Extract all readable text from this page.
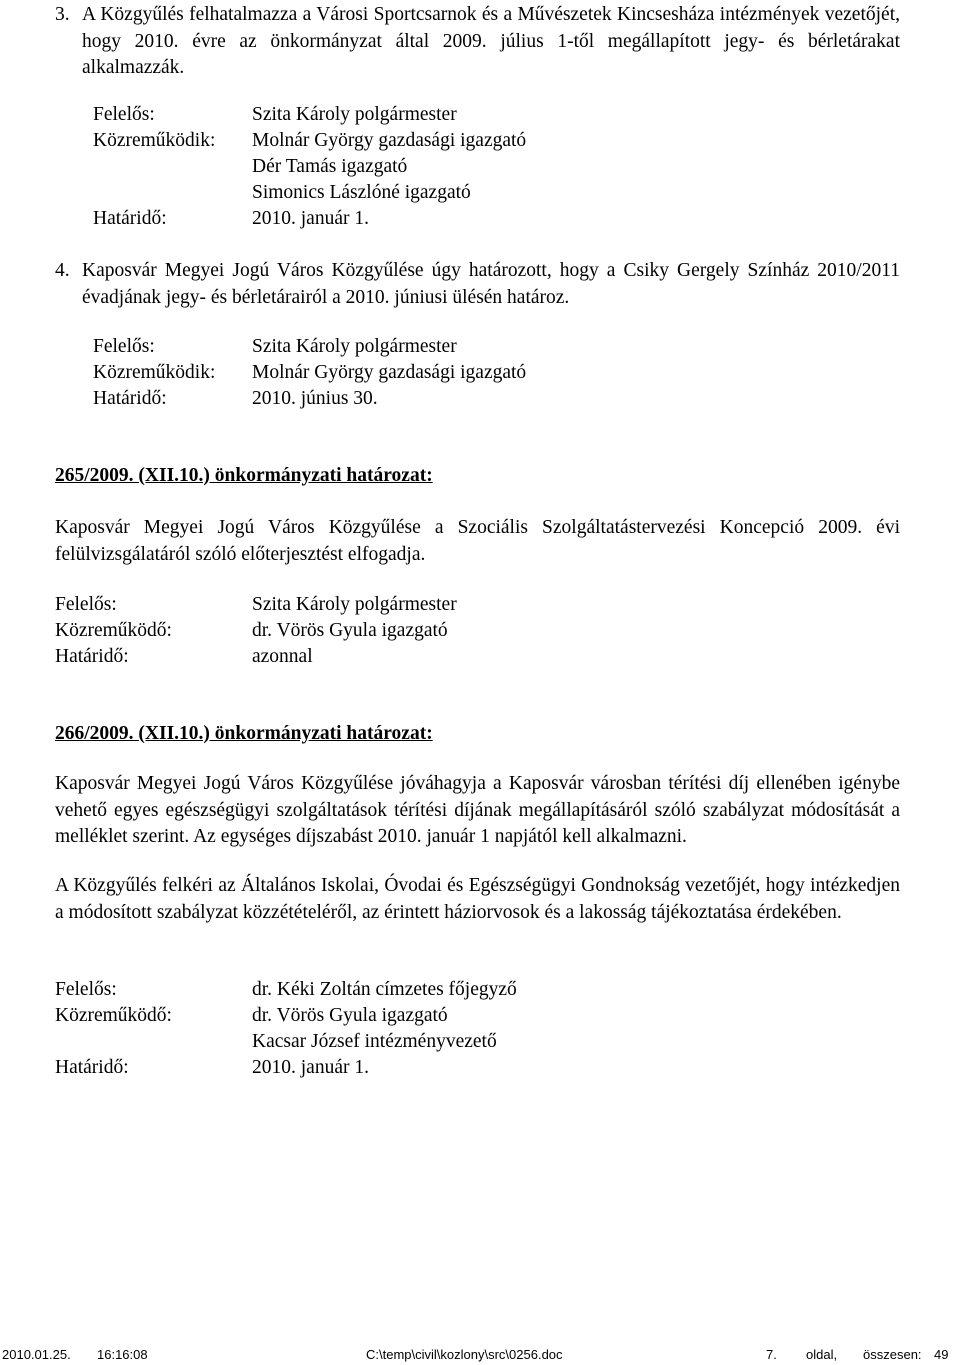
3. A Közgyűlés felhatalmazza a Városi Sportcsarnok és a Művészetek Kincsesháza intézmények vezetőjét, hogy 2010. évre az önkormányzat által 2009. július 1-től megállapított jegy- és bérletárakat alkalmazzák.
Felelős:	Szita Károly polgármester
Közreműködik: Molnár György gazdasági igazgató
Dér Tamás igazgató
Simonics Lászlóné igazgató
Határidő:	2010. január 1.
4. Kaposvár Megyei Jogú Város Közgyűlése úgy határozott, hogy a Csiky Gergely Színház 2010/2011 évadjának jegy- és bérletárairól a 2010. júniusi ülésén határoz.
Felelős:	Szita Károly polgármester
Közreműködik: Molnár György gazdasági igazgató
Határidő:	2010. június 30.
265/2009. (XII.10.) önkormányzati határozat:
Kaposvár Megyei Jogú Város Közgyűlése a Szociális Szolgáltatástervezési Koncepció 2009. évi felülvizsgálatáról szóló előterjesztést elfogadja.
Felelős:	Szita Károly polgármester
Közreműködő:	dr. Vörös Gyula igazgató
Határidő:	azonnal
266/2009. (XII.10.) önkormányzati határozat:
Kaposvár Megyei Jogú Város Közgyűlése jóváhagyja a Kaposvár városban térítési díj ellenében igénybe vehető egyes egészségügyi szolgáltatások térítési díjának megállapításáról szóló szabályzat módosítását a melléklet szerint. Az egységes díjszabást 2010. január 1 napjától kell alkalmazni.
A Közgyűlés felkéri az Általános Iskolai, Óvodai és Egészségügyi Gondnokság vezetőjét, hogy intézkedjen a módosított szabályzat közzétételéről, az érintett háziorvosok és a lakosság tájékoztatása érdekében.
Felelős:	dr. Kéki Zoltán címzetes főjegyző
Közreműködő:	dr. Vörös Gyula igazgató
Kacsar József intézményvezető
Határidő:	2010. január 1.
2010.01.25. 16:16:08	C:\temp\civil\kozlony\src\0256.doc	7. oldal, összesen: 49
